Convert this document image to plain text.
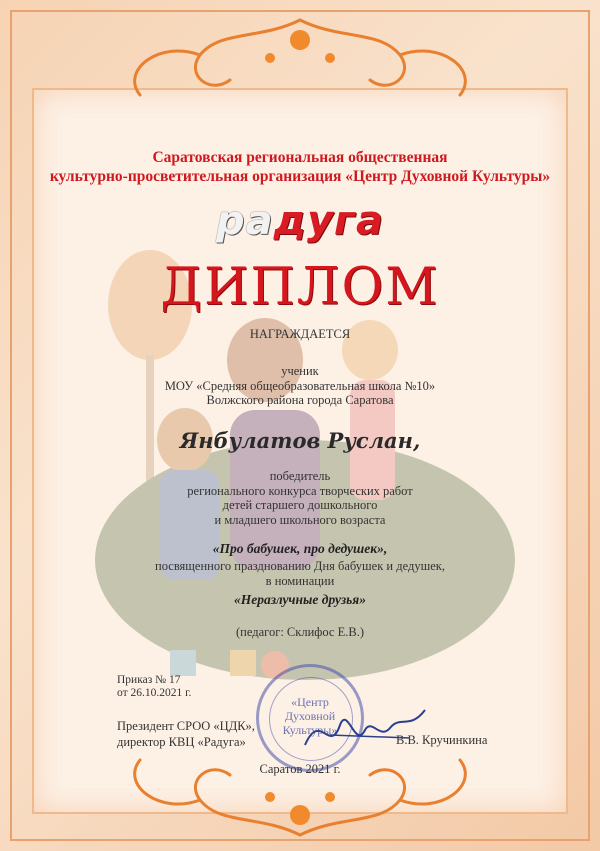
Саратовская региональная общественная
культурно-просветительная организация «Центр Духовной Культуры»
радуга
ДИПЛОМ
НАГРАЖДАЕТСЯ
ученик
МОУ «Средняя общеобразовательная школа №10»
Волжского района города Саратова
Янбулатов Руслан,
победитель
регионального конкурса творческих работ
детей старшего дошкольного
и младшего школьного возраста
«Про бабушек, про дедушек»,
посвященного празднованию Дня бабушек и дедушек,
в номинации
«Неразлучные друзья»
(педагог: Склифос Е.В.)
Приказ № 17
от 26.10.2021 г.
Президент СРОО «ЦДК»,
директор КВЦ «Радуга»	В.В. Кручинкина
«Центр
Духовной
Культуры»
Саратов 2021 г.
